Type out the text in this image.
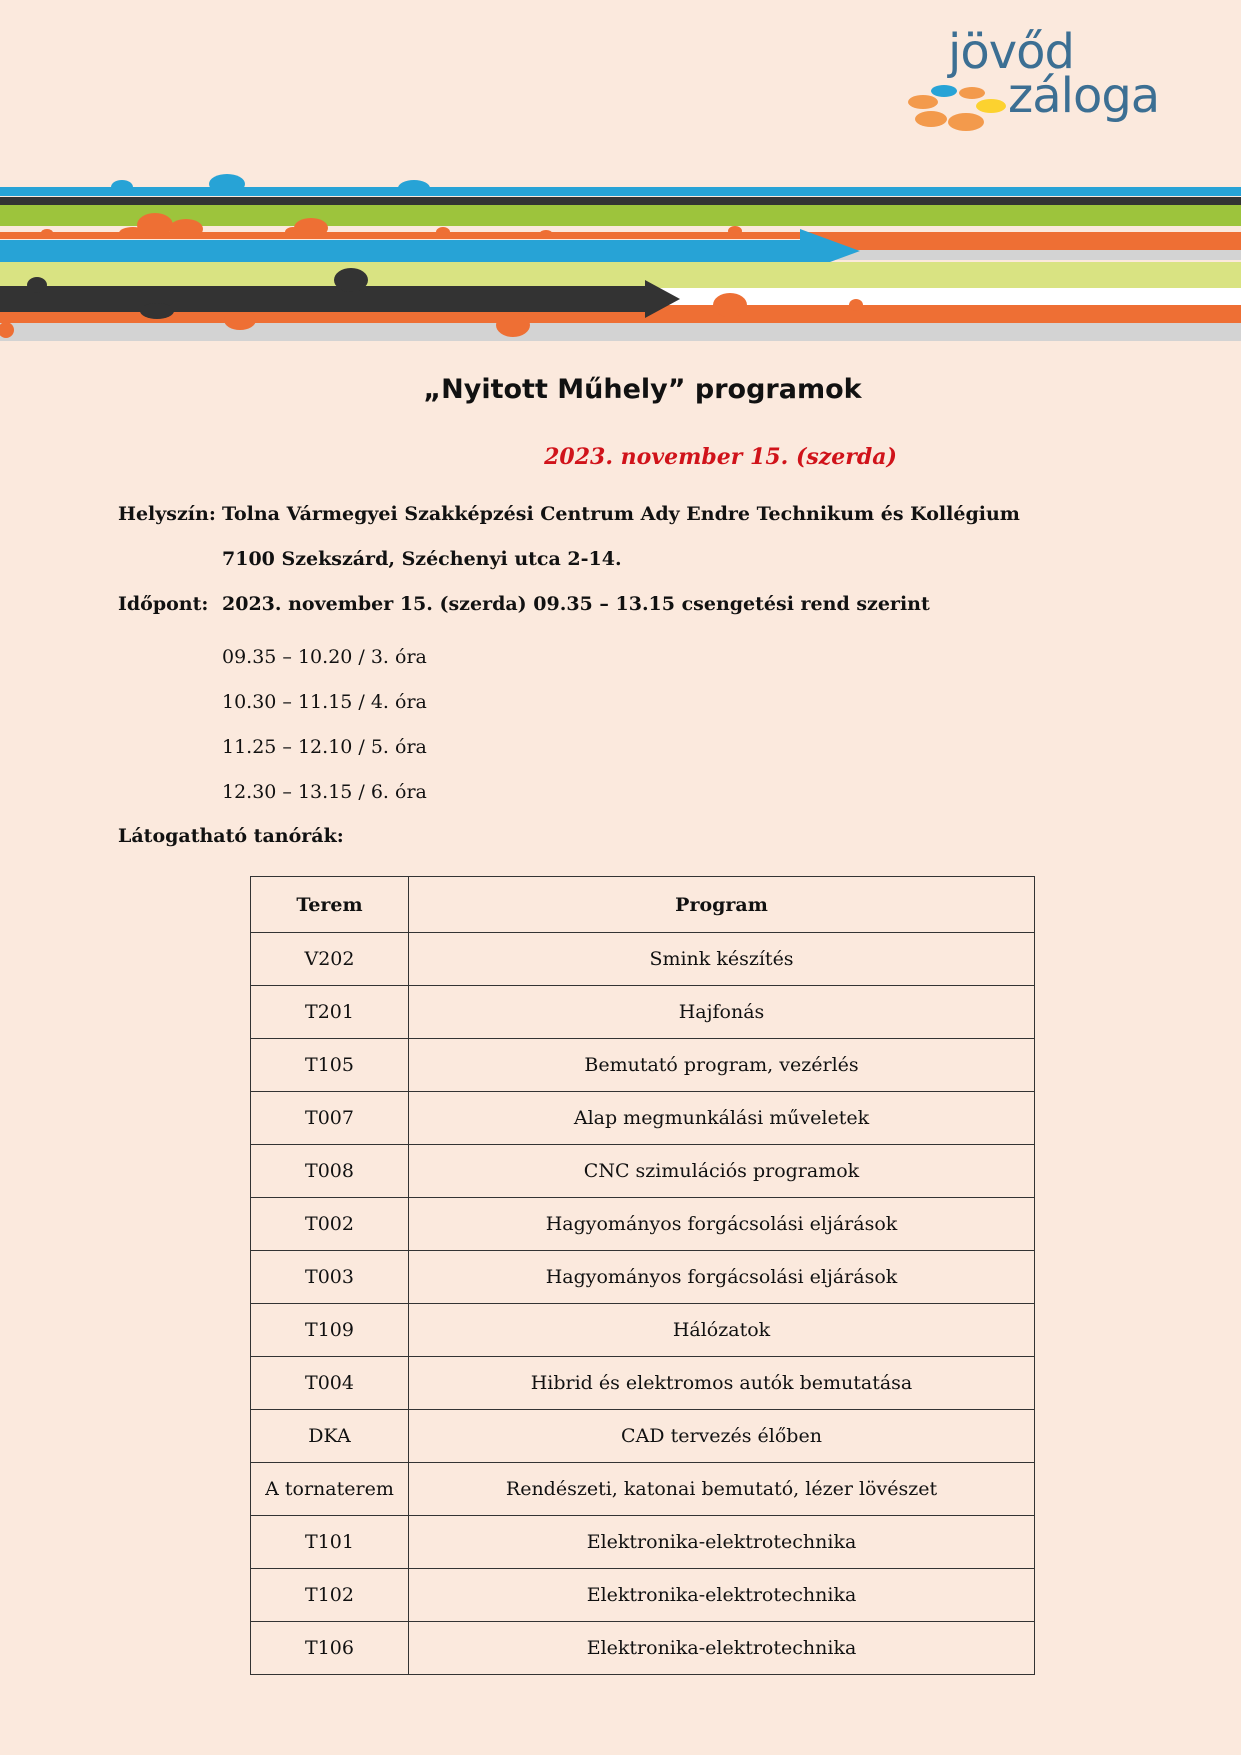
jövőd
záloga
„Nyitott Műhely” programok
2023. november 15. (szerda)
Helyszín: Tolna Vármegyei Szakképzési Centrum Ady Endre Technikum és Kollégium
7100 Szekszárd, Széchenyi utca 2-14.
Időpont: 2023. november 15. (szerda) 09.35 – 13.15 csengetési rend szerint
09.35 – 10.20 / 3. óra
10.30 – 11.15 / 4. óra
11.25 – 12.10 / 5. óra
12.30 – 13.15 / 6. óra
Látogatható tanórák:
Terem	Program
V202	Smink készítés
T201	Hajfonás
T105	Bemutató program, vezérlés
T007	Alap megmunkálási műveletek
T008	CNC szimulációs programok
T002	Hagyományos forgácsolási eljárások
T003	Hagyományos forgácsolási eljárások
T109	Hálózatok
T004	Hibrid és elektromos autók bemutatása
DKA	CAD tervezés élőben
A tornaterem	Rendészeti, katonai bemutató, lézer lövészet
T101	Elektronika-elektrotechnika
T102	Elektronika-elektrotechnika
T106	Elektronika-elektrotechnika
